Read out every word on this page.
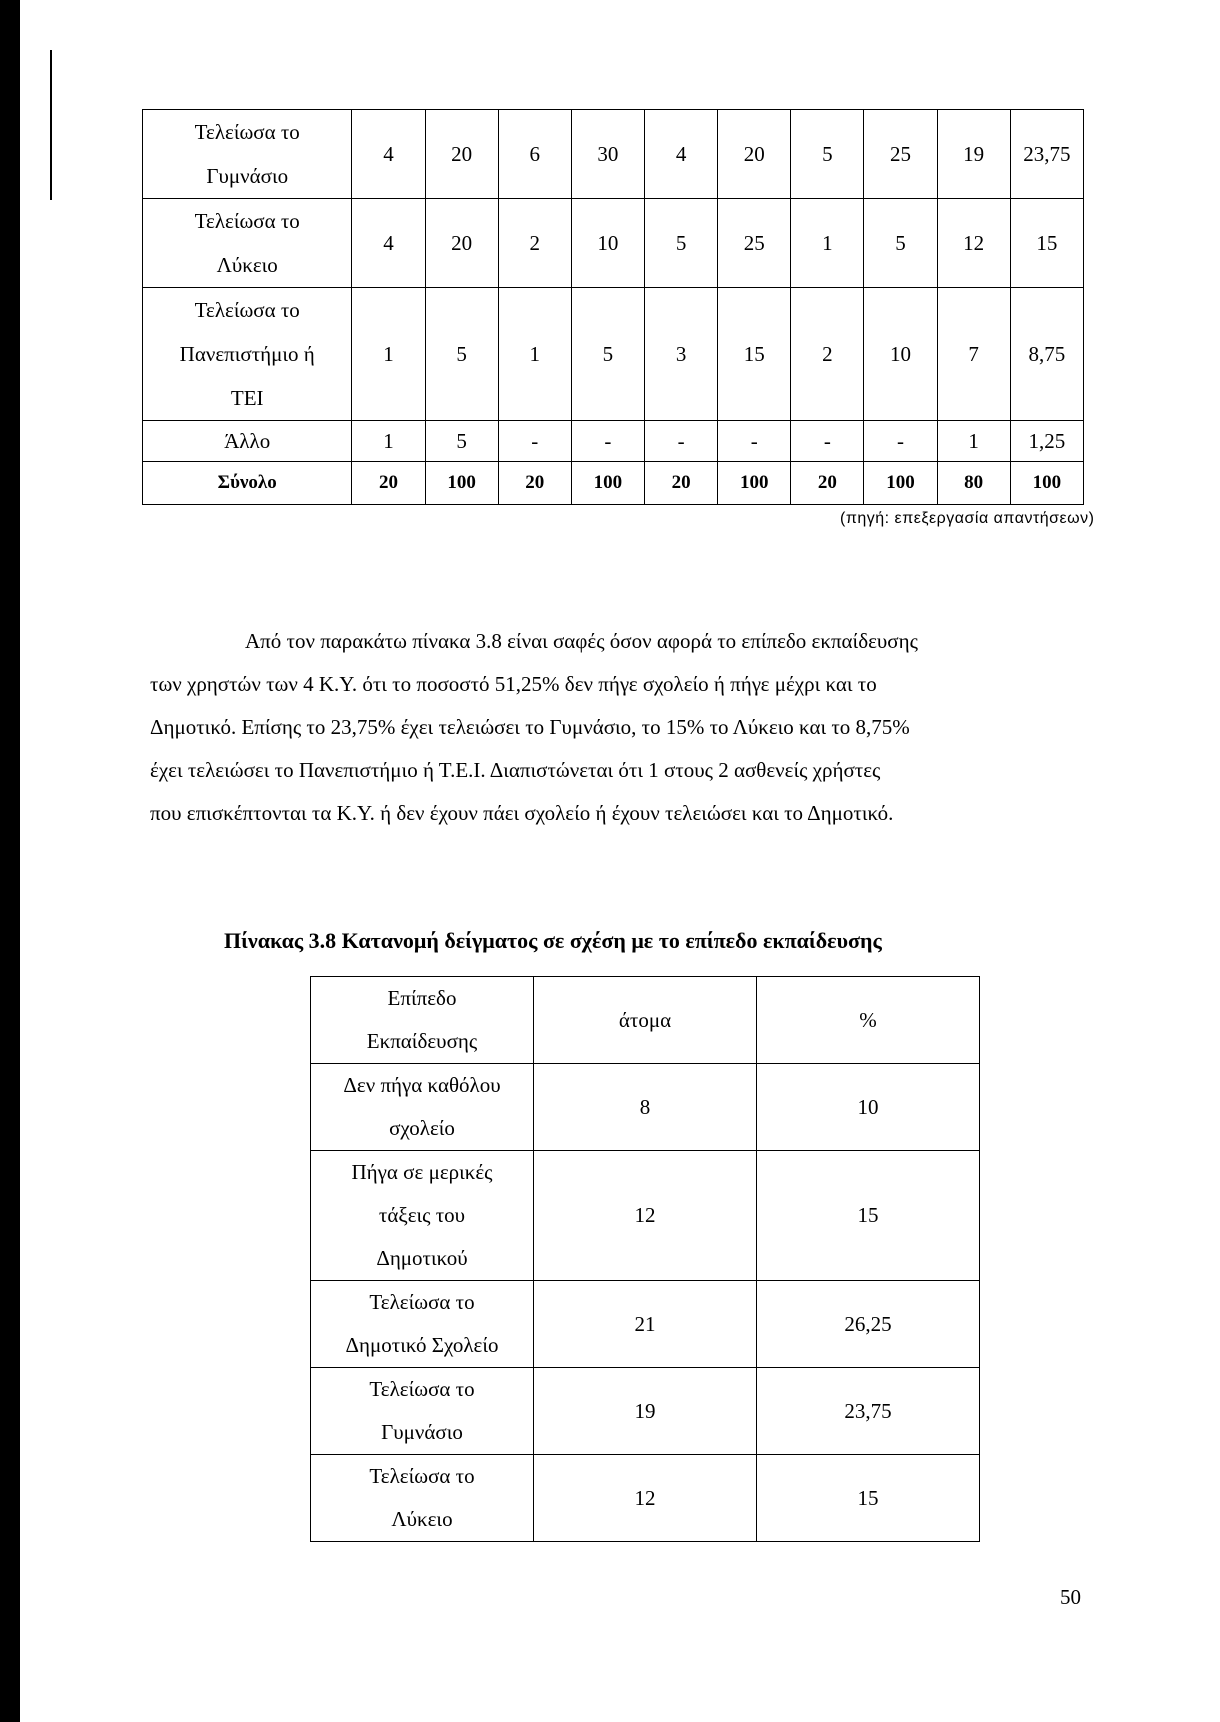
Τελείωσα το
Γυμνάσιο	4	20	6	30	4	20	5	25	19	23,75

Τελείωσα το
Λύκειο	4	20	2	10	5	25	1	5	12	15

Τελείωσα το
Πανεπιστήμιο ή
ΤΕΙ	1	5	1	5	3	15	2	10	7	8,75

Άλλο	1	5	-	-	-	-	-	-	1	1,25

Σύνολο	20	100	20	100	20	100	20	100	80	100
(πηγή: επεξεργασία απαντήσεων)
Από τον παρακάτω πίνακα 3.8 είναι σαφές όσον αφορά το επίπεδο εκπαίδευσης
των χρηστών των 4 Κ.Υ. ότι το ποσοστό 51,25% δεν πήγε σχολείο ή πήγε μέχρι και το
Δημοτικό. Επίσης το 23,75% έχει τελειώσει το Γυμνάσιο, το 15% το Λύκειο και το 8,75%
έχει τελειώσει το Πανεπιστήμιο ή Τ.Ε.Ι. Διαπιστώνεται ότι 1 στους 2 ασθενείς χρήστες
που επισκέπτονται τα Κ.Υ. ή δεν έχουν πάει σχολείο ή έχουν τελειώσει και το Δημοτικό.
Πίνακας 3.8 Κατανομή δείγματος σε σχέση με το επίπεδο εκπαίδευσης
Επίπεδο
Εκπαίδευσης	άτομα	%

Δεν πήγα καθόλου
σχολείο	8	10

Πήγα σε μερικές
τάξεις του
Δημοτικού	12	15

Τελείωσα το
Δημοτικό Σχολείο	21	26,25

Τελείωσα το
Γυμνάσιο	19	23,75

Τελείωσα το
Λύκειο	12	15
50
